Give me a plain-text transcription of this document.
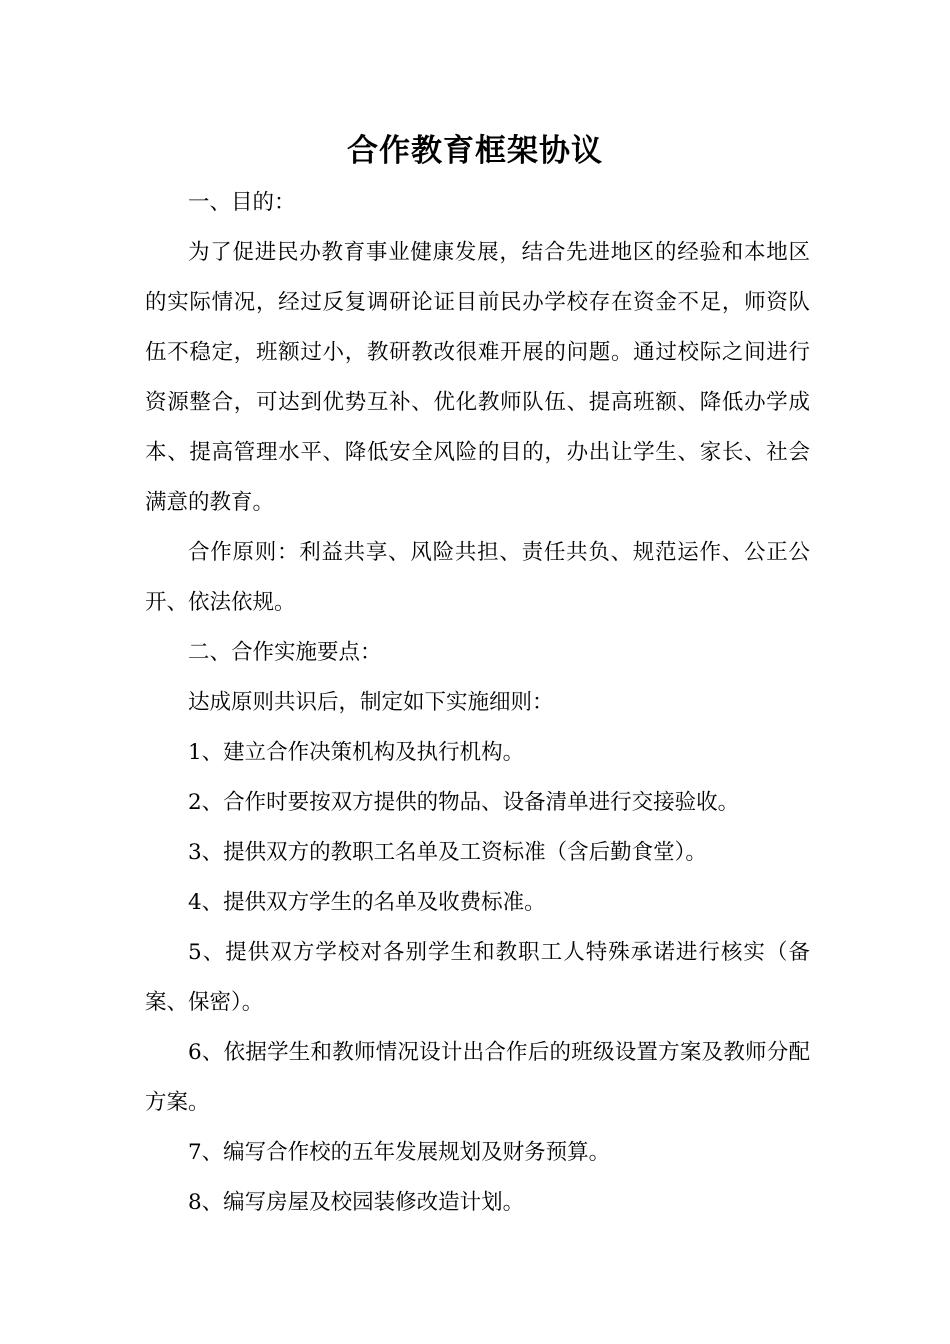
合作教育框架协议

一、目的：

为了促进民办教育事业健康发展，结合先进地区的经验和本地区的实际情况，经过反复调研论证目前民办学校存在资金不足，师资队伍不稳定，班额过小，教研教改很难开展的问题。通过校际之间进行资源整合，可达到优势互补、优化教师队伍、提高班额、降低办学成本、提高管理水平、降低安全风险的目的，办出让学生、家长、社会满意的教育。

合作原则：利益共享、风险共担、责任共负、规范运作、公正公开、依法依规。

二、合作实施要点：

达成原则共识后，制定如下实施细则：

1、建立合作决策机构及执行机构。

2、合作时要按双方提供的物品、设备清单进行交接验收。

3、提供双方的教职工名单及工资标准（含后勤食堂）。

4、提供双方学生的名单及收费标准。

5、提供双方学校对各别学生和教职工人特殊承诺进行核实（备案、保密）。

6、依据学生和教师情况设计出合作后的班级设置方案及教师分配方案。

7、编写合作校的五年发展规划及财务预算。

8、编写房屋及校园装修改造计划。
